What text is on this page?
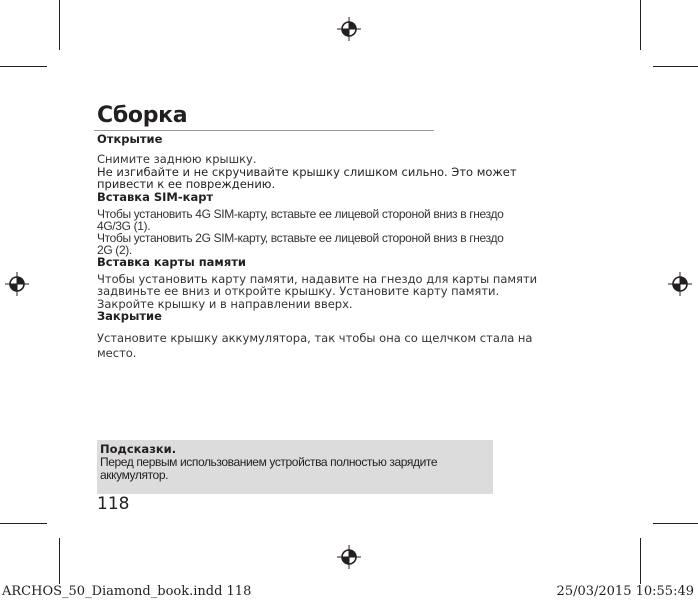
Сборка
Открытие

Снимите заднюю крышку.

Не изгибайте и не скручивайте крышку слишком сильно. Это может

привести к ее повреждению.

Вставка SIM-карт

Чтобы установить 4G SIM-карту, вставьте ее лицевой стороной вниз в гнездо

4G/3G (1).

Чтобы установить 2G SIM-карту, вставьте ее лицевой стороной вниз в гнездо

2G (2).

Вставка карты памяти

Чтобы установить карту памяти, надавите на гнездо для карты памяти

задвиньте ее вниз и откройте крышку. Установите карту памяти.

Закройте крышку и в направлении вверх.

Закрытие

Установите крышку аккумулятора, так чтобы она со щелчком стала на

место.

Подсказки.

Перед первым использованием устройства полностью зарядите

аккумулятор.

118
ARCHOS_50_Diamond_book.indd 118	25/03/2015 10:55:49
